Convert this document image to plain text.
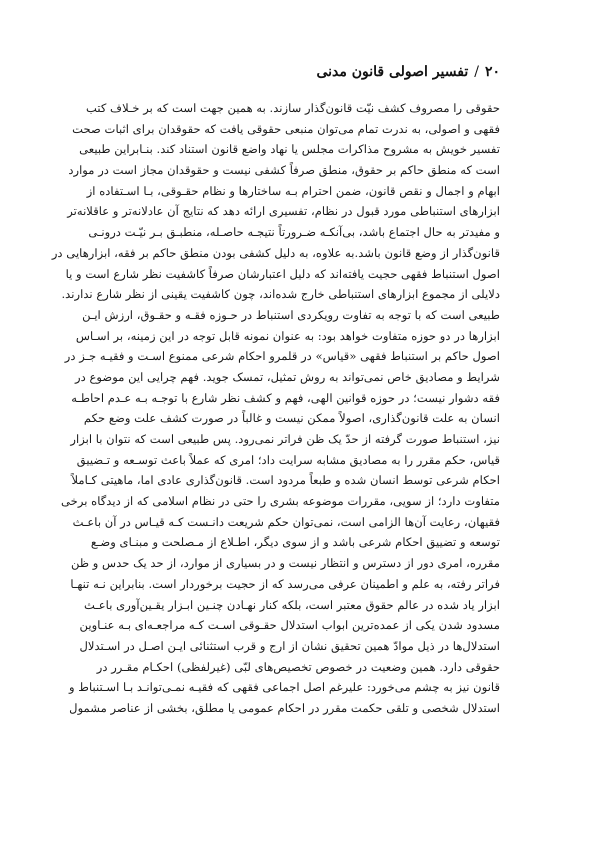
۲۰
/
تفسیر اصولی قانون مدنی
حقوقی را مصروف کشف نیّت قانون‌گذار سازند. به همین جهت است که بر خـلاف کتب
فقهی و اصولی، به ندرت تمام می‌توان منبعی حقوقی یافت که حقوقدان برای اثبات صحت
تفسیر خویش به مشروح مذاکرات مجلس یا نهاد واضع قانون استناد کند. بنـابراین طبیعی
است که منطق حاکم بر حقوق، منطق صرفاً کشفی نیست و حقوقدان مجاز است در موارد
ابهام و اجمال و نقص قانون، ضمن احترام بـه ساختارها و نظام حقـوقی، بـا اسـتفاده از
ابزارهای استنباطی مورد قبول در نظام، تفسیری ارائه دهد که نتایج آن عادلانه‌تر و عاقلانه‌تر
و مفیدتر به حال اجتماع باشد، بی‌آنکـه ضـرورتاً نتیجـه حاصـله، منطبـق بـر نیّـت درونـی
قانون‌گذار از وضع قانون باشد.به علاوه، به دلیل کشفی بودن منطق حاکم بر فقه، ابزارهایی در
اصول استنباط فقهی حجیت یافته‌اند که دلیل اعتبارشان صرفاً کاشفیت نظر شارع است و یا
دلایلی از مجموع ابزارهای استنباطی خارج شده‌اند، چون کاشفیت یقینی از نظر شارع ندارند.
طبیعی است که با توجه به تفاوت رویکردی استنباط در حـوزه فقـه و حقـوق، ارزش ایـن
ابزارها در دو حوزه متفاوت خواهد بود: به عنوان نمونه قابل توجه در این زمینه، بر اسـاس
اصول حاکم بر استنباط فقهی «قیاس» در قلمرو احکام شرعی ممنوع اسـت و فقیـه جـز در
شرایط و مصادیق خاص نمی‌تواند به روش تمثیل، تمسک جوید. فهم چرایی این موضوع در
فقه دشوار نیست؛ در حوزه قوانین الهی، فهم و کشف نظر شارع با توجـه بـه عـدم احاطـه
انسان به علت قانون‌گذاری، اصولاً ممکن نیست و غالباً در صورت کشف علت وضع حکم
نیز، استنباط صورت گرفته از حدّ یک ظن فراتر نمی‌رود. پس طبیعی است که نتوان با ابزار
قیاس، حکم مقرر را به مصادیق مشابه سرایت داد؛ امری که عملاً باعث توسـعه و تـضییق
احکام شرعی توسط انسان شده و طبعاً مردود است. قانون‌گذاری عادی اما، ماهیتی کـاملاً
متفاوت دارد؛ از سویی، مقررات موضوعه بشری را حتی در نظام اسلامی که از دیدگاه برخی
فقیهان، رعایت آن‌ها الزامی است، نمی‌توان حکم شریعت دانـست کـه قیـاس در آن باعـث
توسعه و تضییق احکام شرعی باشد و از سوی دیگر، اطـلاع از مـصلحت و مبنـای وضـع
مقرره، امری دور از دسترس و انتظار نیست و در بسیاری از موارد، از حد یک حدس و ظن
فراتر رفته، به علم و اطمینان عرفی می‌رسد که از حجیت برخوردار است. بنابراین نـه تنهـا
ابزار یاد شده در عالم حقوق معتبر است، بلکه کنار نهـادن چنـین ابـزار یقـین‌آوری باعـث
مسدود شدن یکی از عمده‌ترین ابواب استدلال حقـوقی اسـت کـه مراجعـه‌ای بـه عنـاوین
استدلال‌ها در ذیل موادّ همین تحقیق نشان از ارج و قرب استثنائی ایـن اصـل در اسـتدلال
حقوقی دارد. همین وضعیت در خصوص تخصیص‌های لبّی (غیرلفظی) احکـام مقـرر در
قانون نیز به چشم می‌خورد: علیرغم اصل اجماعی فقهی که فقیـه نمـی‌توانـد بـا اسـتنباط و
استدلال شخصی و تلقی حکمت مقرر در احکام عمومی یا مطلق، بخشی از عناصر مشمول
